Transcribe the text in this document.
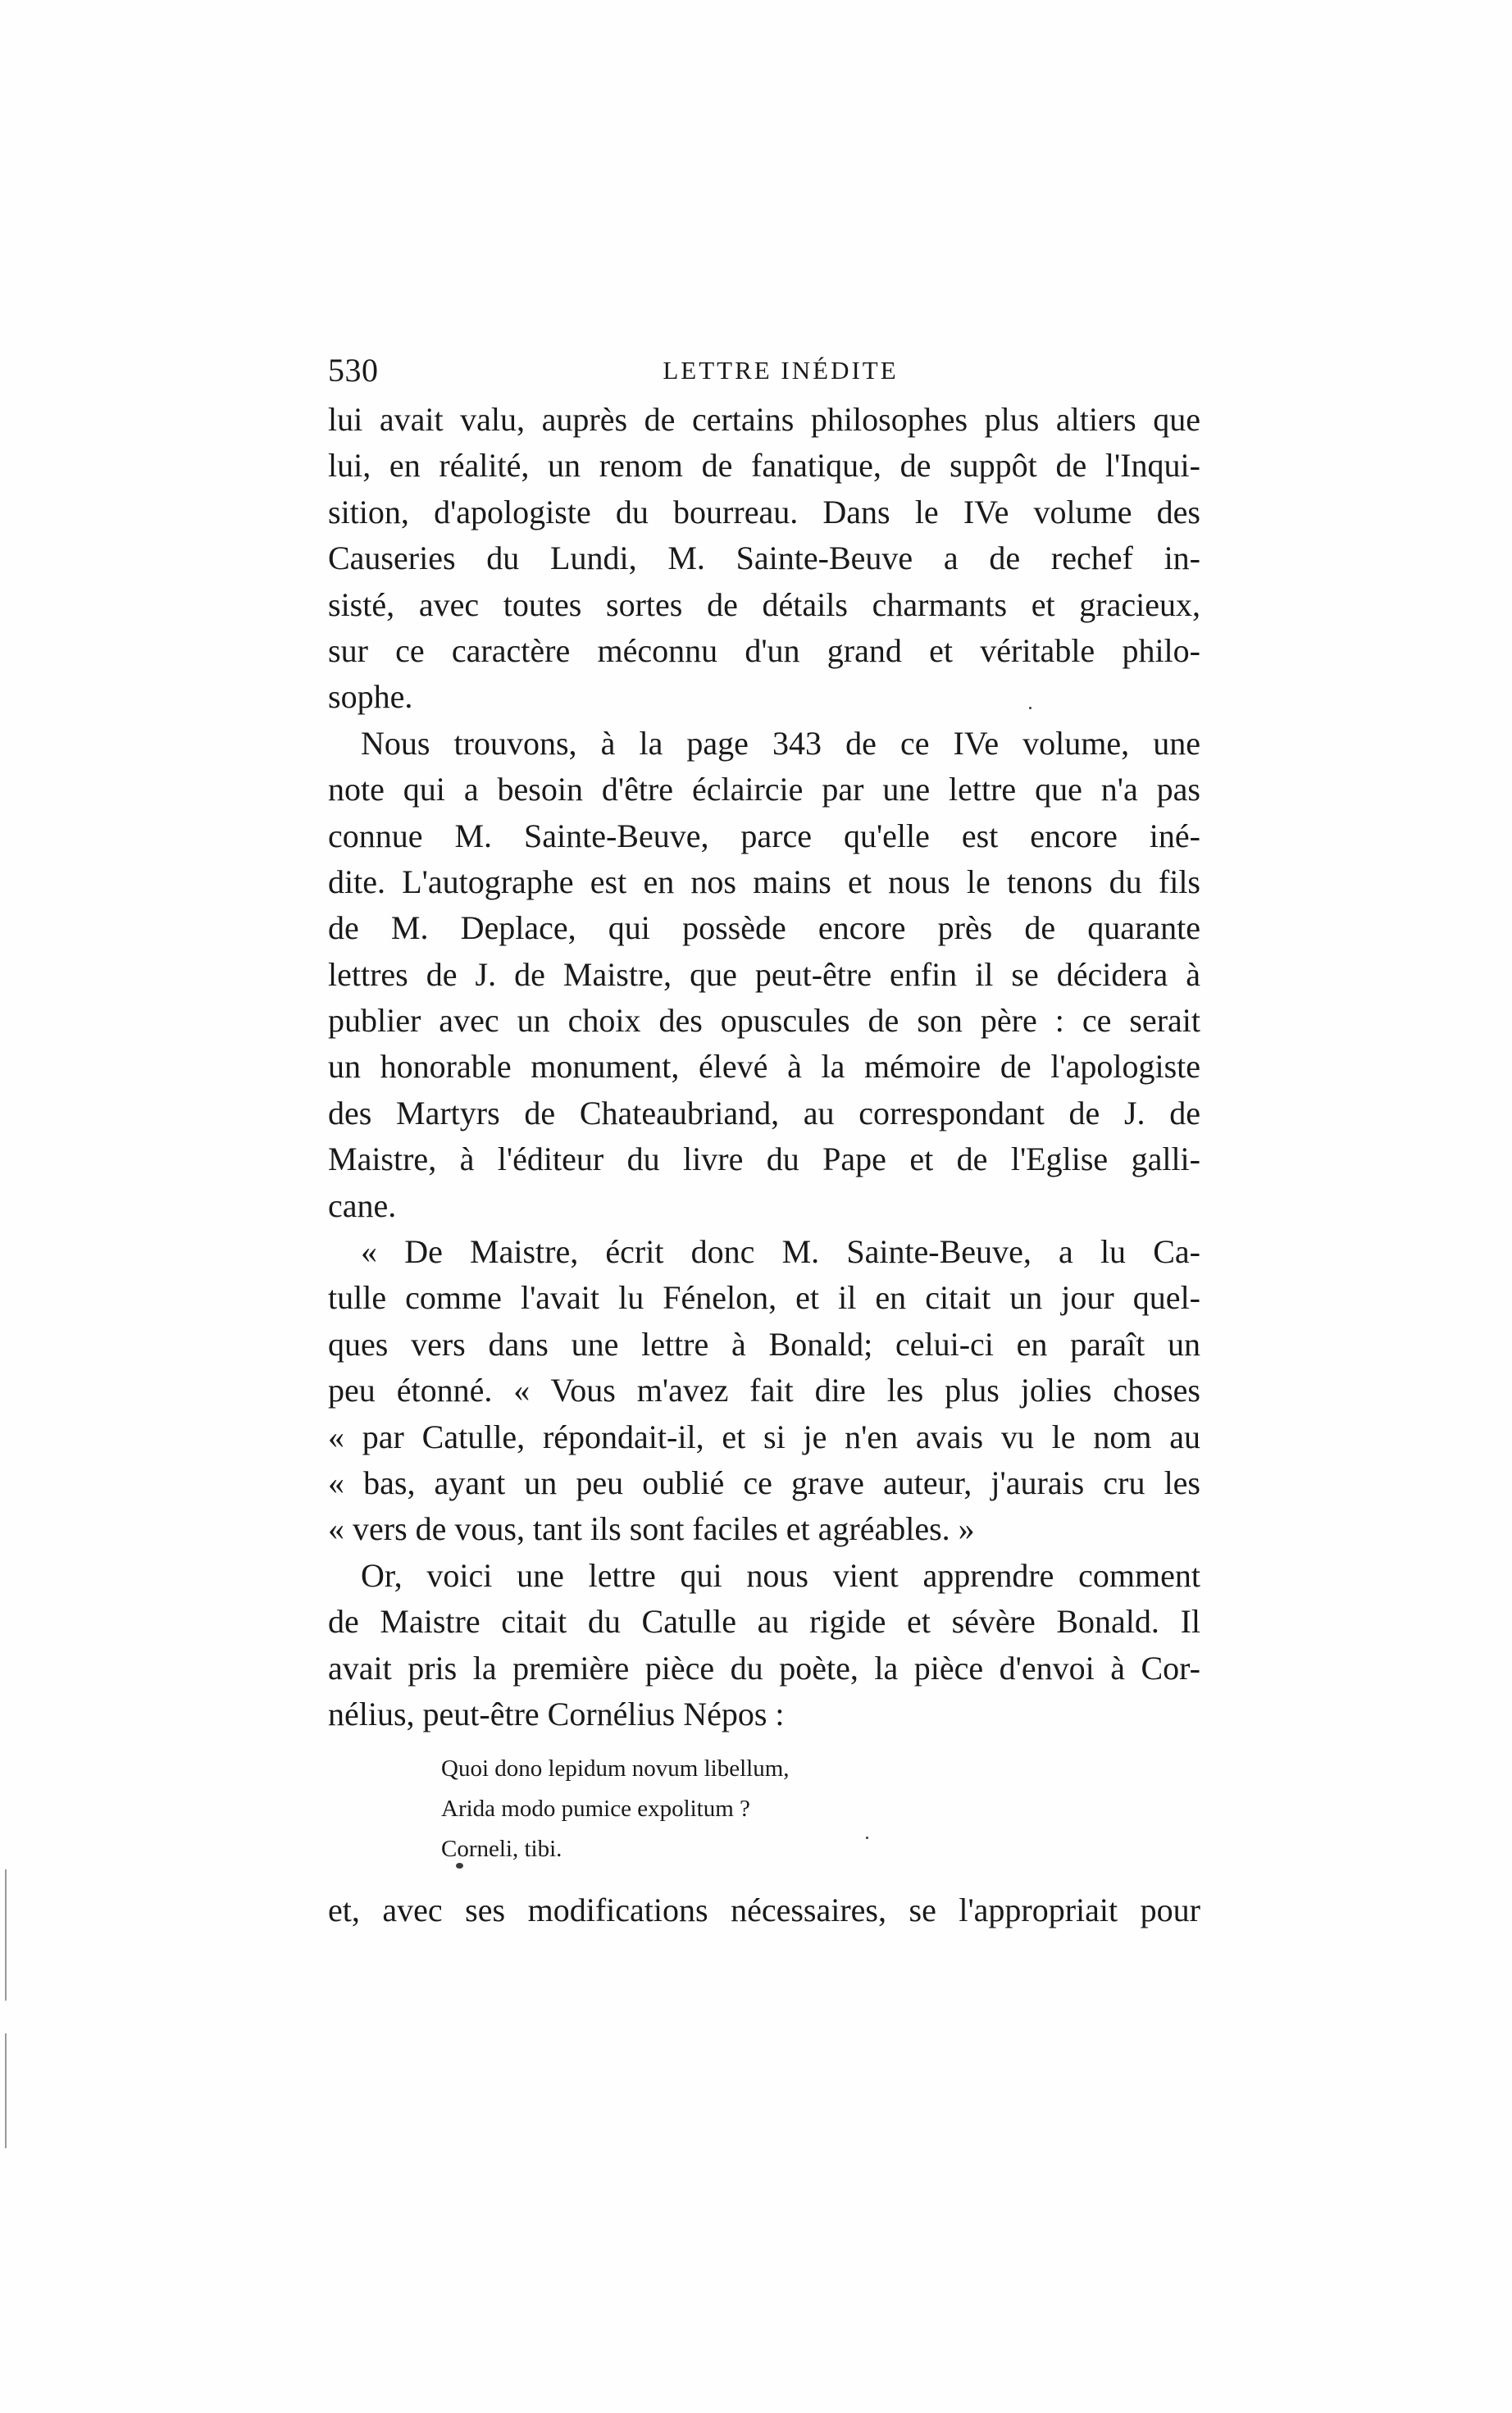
530	LETTRE INÉDITE
lui avait valu, auprès de certains philosophes plus altiers que
lui, en réalité, un renom de fanatique, de suppôt de l'Inqui-
sition, d'apologiste du bourreau. Dans le IVe volume des
Causeries du Lundi, M. Sainte-Beuve a de rechef in-
sisté, avec toutes sortes de détails charmants et gracieux,
sur ce caractère méconnu d'un grand et véritable philo-
sophe.
Nous trouvons, à la page 343 de ce IVe volume, une
note qui a besoin d'être éclaircie par une lettre que n'a pas
connue M. Sainte-Beuve, parce qu'elle est encore iné-
dite. L'autographe est en nos mains et nous le tenons du fils
de M. Deplace, qui possède encore près de quarante
lettres de J. de Maistre, que peut-être enfin il se décidera à
publier avec un choix des opuscules de son père : ce serait
un honorable monument, élevé à la mémoire de l'apologiste
des Martyrs de Chateaubriand, au correspondant de J. de
Maistre, à l'éditeur du livre du Pape et de l'Eglise galli-
cane.
« De Maistre, écrit donc M. Sainte-Beuve, a lu Ca-
tulle comme l'avait lu Fénelon, et il en citait un jour quel-
ques vers dans une lettre à Bonald; celui-ci en paraît un
peu étonné. « Vous m'avez fait dire les plus jolies choses
« par Catulle, répondait-il, et si je n'en avais vu le nom au
« bas, ayant un peu oublié ce grave auteur, j'aurais cru les
« vers de vous, tant ils sont faciles et agréables. »
Or, voici une lettre qui nous vient apprendre comment
de Maistre citait du Catulle au rigide et sévère Bonald. Il
avait pris la première pièce du poète, la pièce d'envoi à Cor-
nélius, peut-être Cornélius Népos :
Quoi dono lepidum novum libellum,
Arida modo pumice expolitum ?
Corneli, tibi.
et, avec ses modifications nécessaires, se l'appropriait pour
